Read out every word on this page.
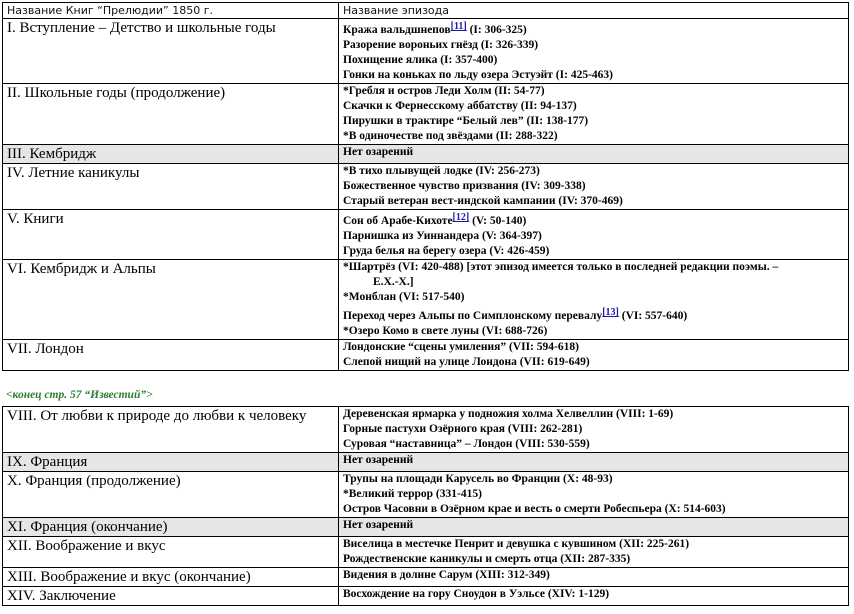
Название Книг “Прелюдии” 1850 г.	Название эпизода
I. Вступление – Детство и школьные годы	Кража вальдшнепов[11] (I: 306-325)
Разорение вороньих гнёзд (I: 326-339)
Похищение ялика (I: 357-400)
Гонки на коньках по льду озера Эстуэйт (I: 425-463)

II. Школьные годы (продолжение)	*Гребля и остров Леди Холм (II: 54-77)
Скачки к Фернесскому аббатству (II: 94-137)
Пирушки в трактире “Белый лев” (II: 138-177)
*В одиночестве под звёздами (II: 288-322)

III. Кембридж	Нет озарений

IV. Летние каникулы	*В тихо плывущей лодке (IV: 256-273)
Божественное чувство призвания (IV: 309-338)
Старый ветеран вест-индской кампании (IV: 370-469)

V. Книги	Сон об Арабе-Кихоте[12] (V: 50-140)
Парнишка из Уиннандера (V: 364-397)
Груда белья на берегу озера (V: 426-459)

VI. Кембридж и Альпы	*Шартрёз (VI: 420-488) [этот эпизод имеется только в последней редакции поэмы. –
Е.Х.-Х.]
*Монблан (VI: 517-540)
Переход через Альпы по Симплонскому перевалу[13] (VI: 557-640)
*Озеро Комо в свете луны (VI: 688-726)

VII. Лондон	Лондонские “сцены умиления” (VII: 594-618)
Слепой нищий на улице Лондона (VII: 619-649)
<конец стр. 57 “Известий”>
VIII. От любви к природе до любви к человеку	Деревенская ярмарка у подножия холма Хелвеллин (VIII: 1-69)
Горные пастухи Озёрного края (VIII: 262-281)
Суровая “наставница” – Лондон (VIII: 530-559)

IX. Франция	Нет озарений

X. Франция (продолжение)	Трупы на площади Карусель во Франции (X: 48-93)
*Великий террор (331-415)
Остров Часовни в Озёрном крае и весть о смерти Робеспьера (X: 514-603)

XI. Франция (окончание)	Нет озарений

XII. Воображение и вкус	Виселица в местечке Пенрит и девушка с кувшином (XII: 225-261)
Рождественские каникулы и смерть отца (XII: 287-335)

XIII. Воображение и вкус (окончание)	Видения в долине Сарум (XIII: 312-349)

XIV. Заключение	Восхождение на гору Сноудон в Уэльсе (XIV: 1-129)
